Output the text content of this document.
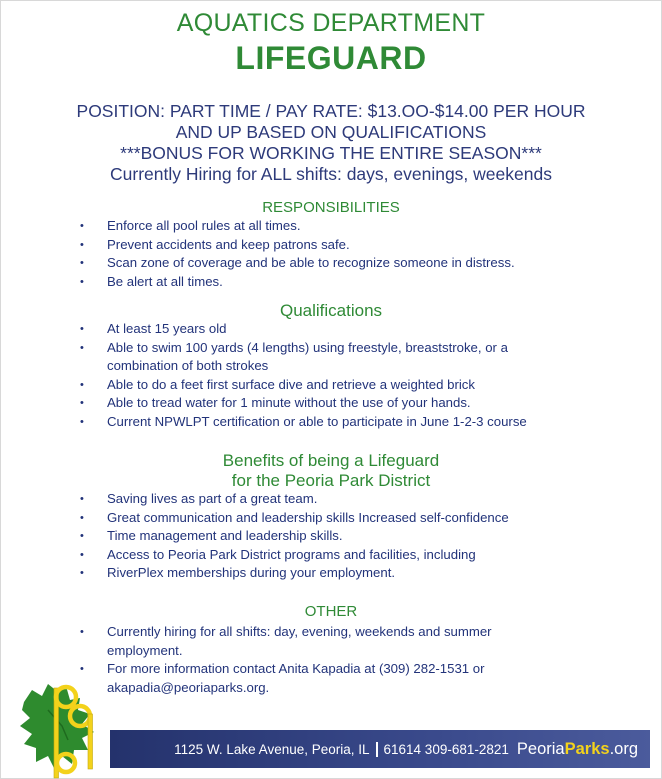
AQUATICS DEPARTMENT
LIFEGUARD
POSITION: PART TIME / PAY RATE: $13.OO-$14.00 PER HOUR
AND UP BASED ON QUALIFICATIONS
***BONUS FOR WORKING THE ENTIRE SEASON***
Currently Hiring for ALL shifts: days, evenings, weekends
RESPONSIBILITIES
• Enforce all pool rules at all times.
• Prevent accidents and keep patrons safe.
• Scan zone of coverage and be able to recognize someone in distress.
• Be alert at all times.
Qualifications
• At least 15 years old
• Able to swim 100 yards (4 lengths) using freestyle, breaststroke, or a combination of both strokes
• Able to do a feet first surface dive and retrieve a weighted brick
• Able to tread water for 1 minute without the use of your hands.
• Current NPWLPT certification or able to participate in June 1-2-3 course
Benefits of being a Lifeguard
for the Peoria Park District
• Saving lives as part of a great team.
• Great communication and leadership skills Increased self-confidence
• Time management and leadership skills.
• Access to Peoria Park District programs and facilities, including
• RiverPlex memberships during your employment.
OTHER
• Currently hiring for all shifts: day, evening, weekends and summer employment.
• For more information contact Anita Kapadia at (309) 282-1531 or akapadia@peoriaparks.org.
1125 W. Lake Avenue, Peoria, IL 61614 309-681-2821 PeoriaParks.org
